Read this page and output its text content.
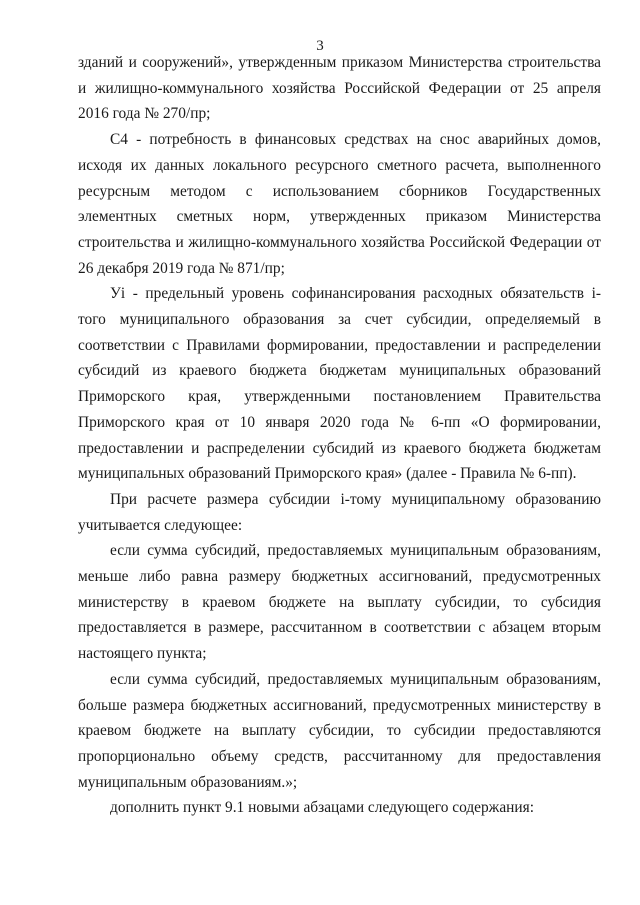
3

зданий и сооружений», утвержденным приказом Министерства строительства и жилищно-коммунального хозяйства Российской Федерации от 25 апреля 2016 года № 270/пр;

С4 - потребность в финансовых средствах на снос аварийных домов, исходя их данных локального ресурсного сметного расчета, выполненного ресурсным методом с использованием сборников Государственных элементных сметных норм, утвержденных приказом Министерства строительства и жилищно-коммунального хозяйства Российской Федерации от 26 декабря 2019 года № 871/пр;

Уi - предельный уровень софинансирования расходных обязательств i-того муниципального образования за счет субсидии, определяемый в соответствии с Правилами формировании, предоставлении и распределении субсидий из краевого бюджета бюджетам муниципальных образований Приморского края, утвержденными постановлением Правительства Приморского края от 10 января 2020 года № 6-пп «О формировании, предоставлении и распределении субсидий из краевого бюджета бюджетам муниципальных образований Приморского края» (далее - Правила № 6-пп).

При расчете размера субсидии i-тому муниципальному образованию учитывается следующее:

если сумма субсидий, предоставляемых муниципальным образованиям, меньше либо равна размеру бюджетных ассигнований, предусмотренных министерству в краевом бюджете на выплату субсидии, то субсидия предоставляется в размере, рассчитанном в соответствии с абзацем вторым настоящего пункта;

если сумма субсидий, предоставляемых муниципальным образованиям, больше размера бюджетных ассигнований, предусмотренных министерству в краевом бюджете на выплату субсидии, то субсидии предоставляются пропорционально объему средств, рассчитанному для предоставления муниципальным образованиям.»;

дополнить пункт 9.1 новыми абзацами следующего содержания:
